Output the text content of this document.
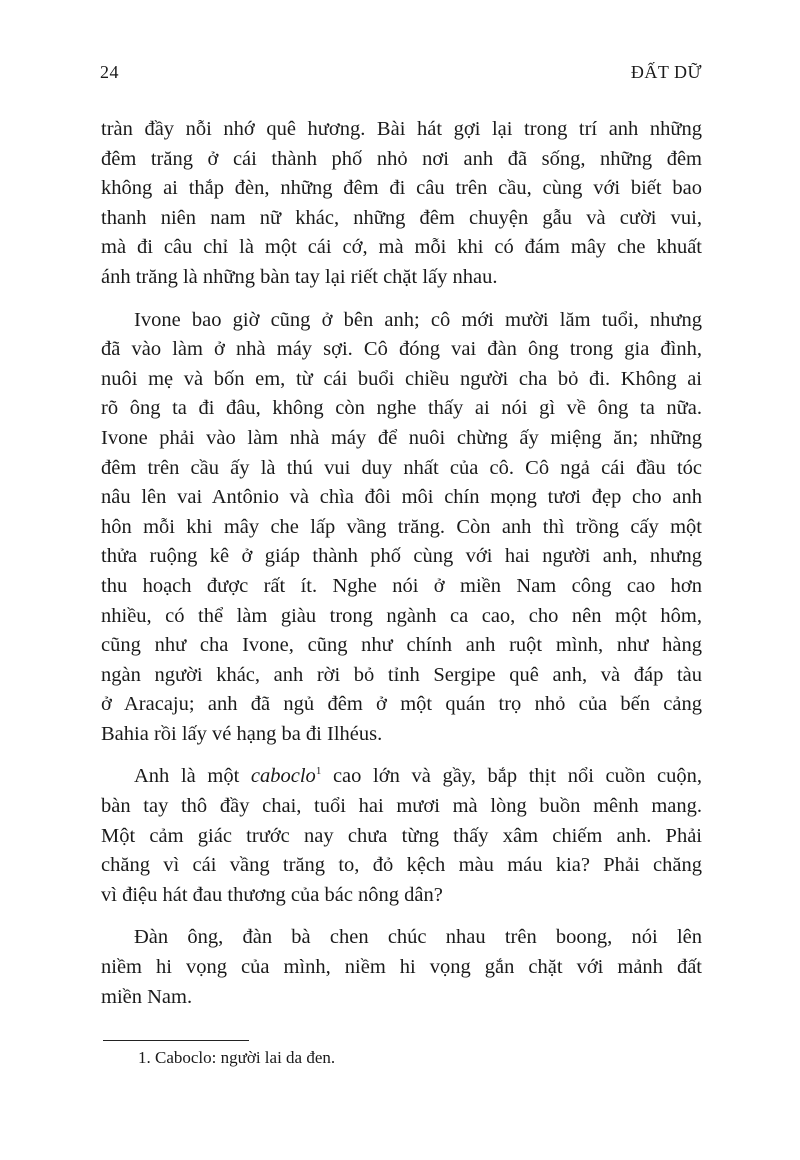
24	ĐẤT DỮ

tràn đầy nỗi nhớ quê hương. Bài hát gợi lại trong trí anh những
đêm trăng ở cái thành phố nhỏ nơi anh đã sống, những đêm
không ai thắp đèn, những đêm đi câu trên cầu, cùng với biết bao
thanh niên nam nữ khác, những đêm chuyện gẫu và cười vui,
mà đi câu chỉ là một cái cớ, mà mỗi khi có đám mây che khuất
ánh trăng là những bàn tay lại riết chặt lấy nhau.

Ivone bao giờ cũng ở bên anh; cô mới mười lăm tuổi, nhưng
đã vào làm ở nhà máy sợi. Cô đóng vai đàn ông trong gia đình,
nuôi mẹ và bốn em, từ cái buổi chiều người cha bỏ đi. Không ai
rõ ông ta đi đâu, không còn nghe thấy ai nói gì về ông ta nữa.
Ivone phải vào làm nhà máy để nuôi chừng ấy miệng ăn; những
đêm trên cầu ấy là thú vui duy nhất của cô. Cô ngả cái đầu tóc
nâu lên vai Antônio và chìa đôi môi chín mọng tươi đẹp cho anh
hôn mỗi khi mây che lấp vầng trăng. Còn anh thì trồng cấy một
thửa ruộng kê ở giáp thành phố cùng với hai người anh, nhưng
thu hoạch được rất ít. Nghe nói ở miền Nam công cao hơn
nhiều, có thể làm giàu trong ngành ca cao, cho nên một hôm,
cũng như cha Ivone, cũng như chính anh ruột mình, như hàng
ngàn người khác, anh rời bỏ tỉnh Sergipe quê anh, và đáp tàu
ở Aracaju; anh đã ngủ đêm ở một quán trọ nhỏ của bến cảng
Bahia rồi lấy vé hạng ba đi Ilhéus.

Anh là một caboclo$^1$ cao lớn và gầy, bắp thịt nổi cuồn cuộn,
bàn tay thô đầy chai, tuổi hai mươi mà lòng buồn mênh mang.
Một cảm giác trước nay chưa từng thấy xâm chiếm anh. Phải
chăng vì cái vầng trăng to, đỏ kệch màu máu kia? Phải chăng
vì điệu hát đau thương của bác nông dân?

Đàn ông, đàn bà chen chúc nhau trên boong, nói lên
niềm hi vọng của mình, niềm hi vọng gắn chặt với mảnh đất
miền Nam.

1. Caboclo: người lai da đen.
